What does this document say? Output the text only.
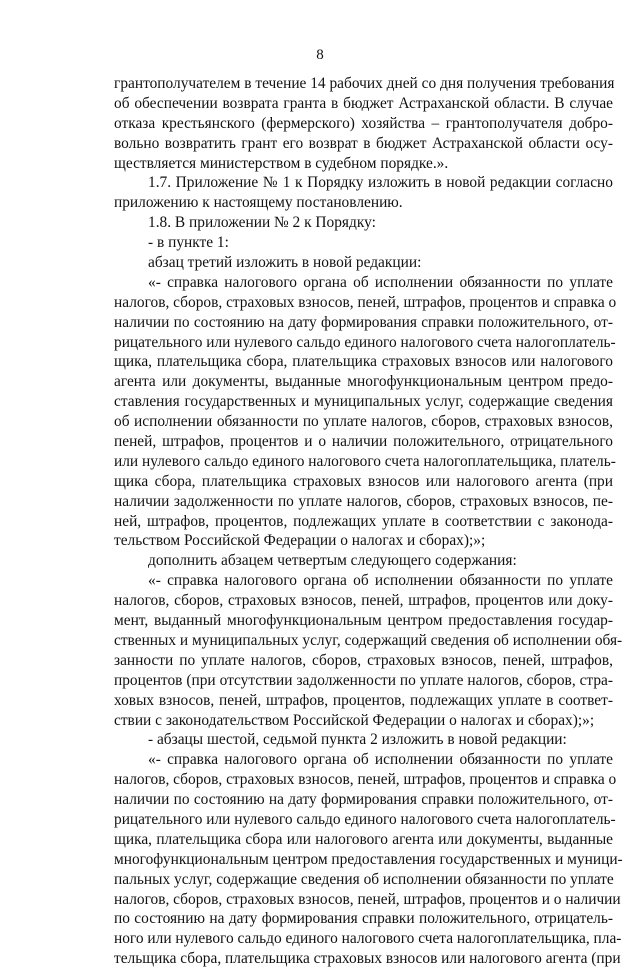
8
грантополучателем в течение 14 рабочих дней со дня получения требования
об обеспечении возврата гранта в бюджет Астраханской области. В случае
отказа крестьянского (фермерского) хозяйства – грантополучателя добро-
вольно возвратить грант его возврат в бюджет Астраханской области осу-
ществляется министерством в судебном порядке.».
1.7. Приложение № 1 к Порядку изложить в новой редакции согласно
приложению к настоящему постановлению.
1.8. В приложении № 2 к Порядку:
- в пункте 1:
абзац третий изложить в новой редакции:
«- справка налогового органа об исполнении обязанности по уплате
налогов, сборов, страховых взносов, пеней, штрафов, процентов и справка о
наличии по состоянию на дату формирования справки положительного, от-
рицательного или нулевого сальдо единого налогового счета налогоплатель-
щика, плательщика сбора, плательщика страховых взносов или налогового
агента или документы, выданные многофункциональным центром предо-
ставления государственных и муниципальных услуг, содержащие сведения
об исполнении обязанности по уплате налогов, сборов, страховых взносов,
пеней, штрафов, процентов и о наличии положительного, отрицательного
или нулевого сальдо единого налогового счета налогоплательщика, платель-
щика сбора, плательщика страховых взносов или налогового агента (при
наличии задолженности по уплате налогов, сборов, страховых взносов, пе-
ней, штрафов, процентов, подлежащих уплате в соответствии с законода-
тельством Российской Федерации о налогах и сборах);»;
дополнить абзацем четвертым следующего содержания:
«- справка налогового органа об исполнении обязанности по уплате
налогов, сборов, страховых взносов, пеней, штрафов, процентов или доку-
мент, выданный многофункциональным центром предоставления государ-
ственных и муниципальных услуг, содержащий сведения об исполнении обя-
занности по уплате налогов, сборов, страховых взносов, пеней, штрафов,
процентов (при отсутствии задолженности по уплате налогов, сборов, стра-
ховых взносов, пеней, штрафов, процентов, подлежащих уплате в соответ-
ствии с законодательством Российской Федерации о налогах и сборах);»;
- абзацы шестой, седьмой пункта 2 изложить в новой редакции:
«- справка налогового органа об исполнении обязанности по уплате
налогов, сборов, страховых взносов, пеней, штрафов, процентов и справка о
наличии по состоянию на дату формирования справки положительного, от-
рицательного или нулевого сальдо единого налогового счета налогоплатель-
щика, плательщика сбора или налогового агента или документы, выданные
многофункциональным центром предоставления государственных и муници-
пальных услуг, содержащие сведения об исполнении обязанности по уплате
налогов, сборов, страховых взносов, пеней, штрафов, процентов и о наличии
по состоянию на дату формирования справки положительного, отрицатель-
ного или нулевого сальдо единого налогового счета налогоплательщика, пла-
тельщика сбора, плательщика страховых взносов или налогового агента (при
